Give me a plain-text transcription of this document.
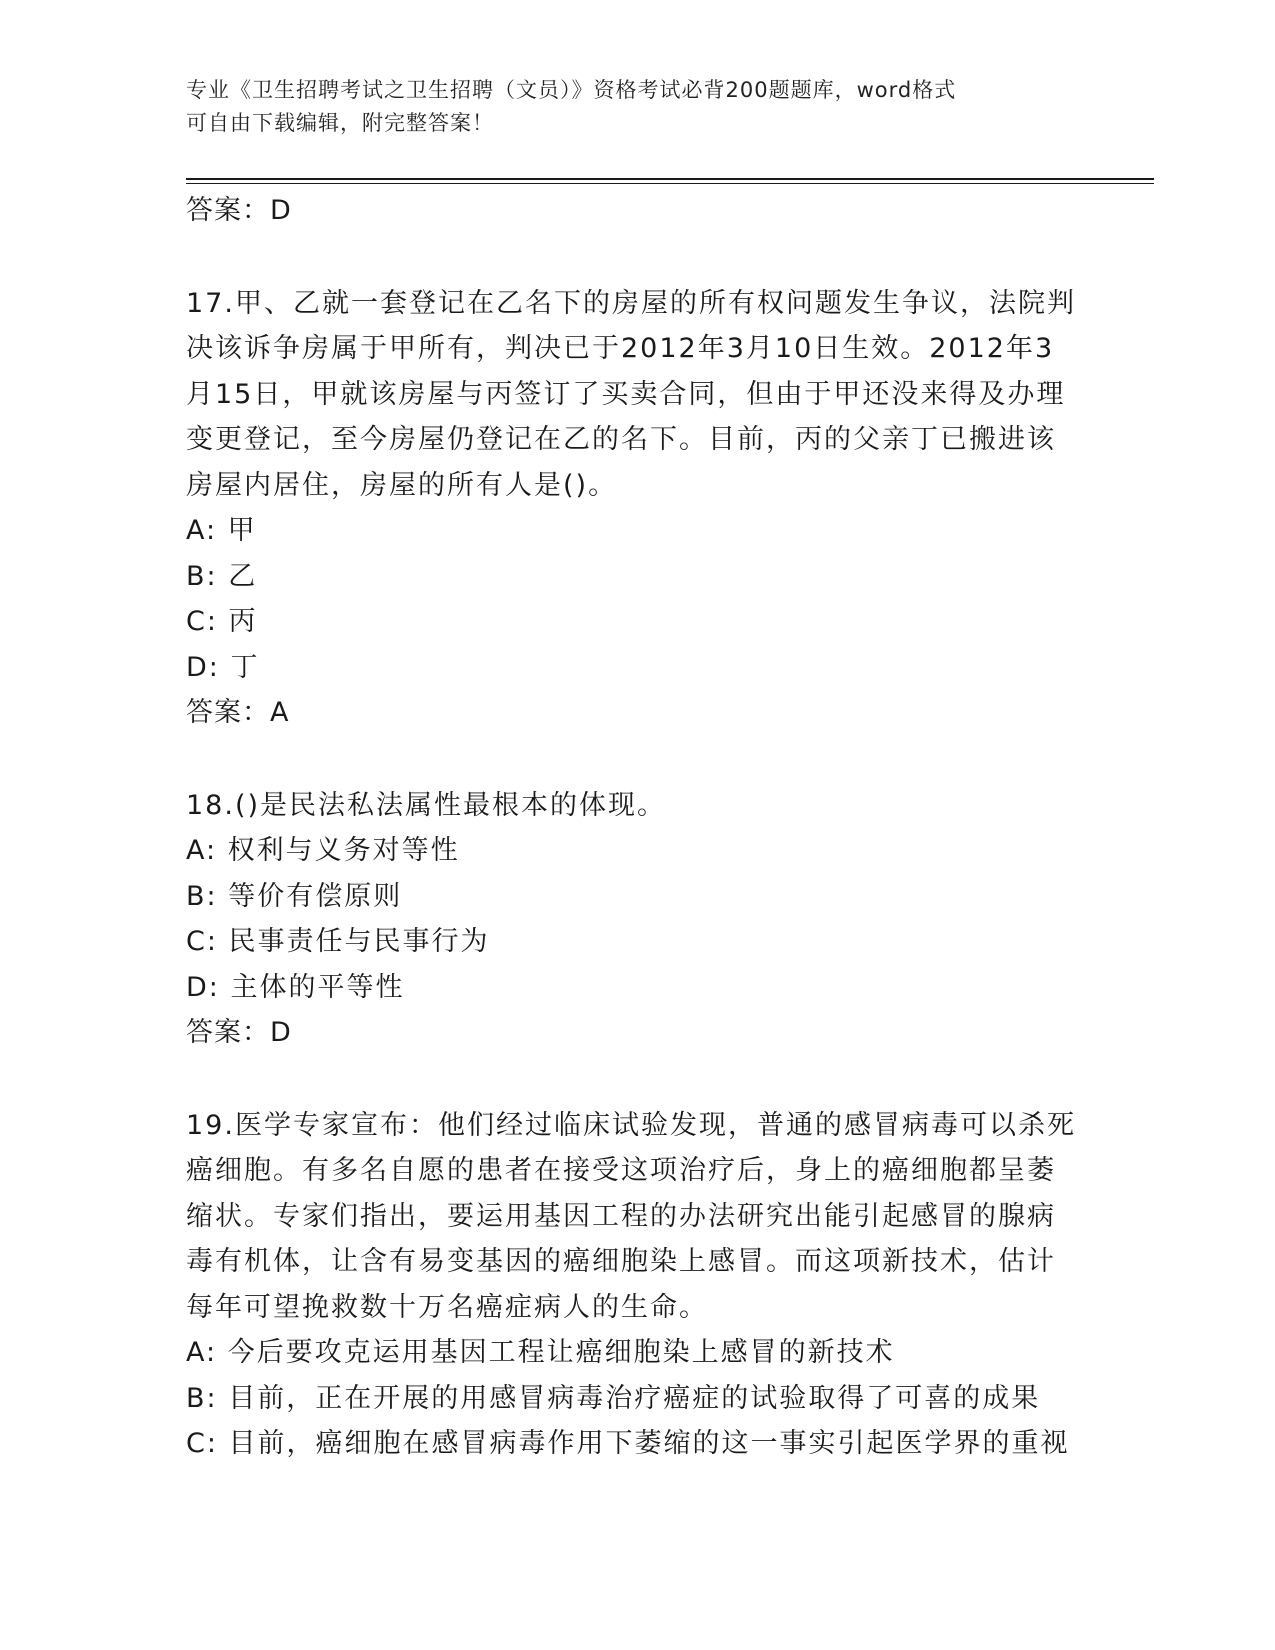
专业《卫生招聘考试之卫生招聘（文员）》资格考试必背200题题库，word格式
可自由下载编辑，附完整答案！
答案：D
17.甲、乙就一套登记在乙名下的房屋的所有权问题发生争议，法院判
决该诉争房属于甲所有，判决已于2012年3月10日生效。2012年3
月15日，甲就该房屋与丙签订了买卖合同，但由于甲还没来得及办理
变更登记，至今房屋仍登记在乙的名下。目前，丙的父亲丁已搬进该
房屋内居住，房屋的所有人是()。
A: 甲
B: 乙
C: 丙
D: 丁
答案：A
18.()是民法私法属性最根本的体现。
A: 权利与义务对等性
B: 等价有偿原则
C: 民事责任与民事行为
D: 主体的平等性
答案：D
19.医学专家宣布：他们经过临床试验发现，普通的感冒病毒可以杀死
癌细胞。有多名自愿的患者在接受这项治疗后，身上的癌细胞都呈萎
缩状。专家们指出，要运用基因工程的办法研究出能引起感冒的腺病
毒有机体，让含有易变基因的癌细胞染上感冒。而这项新技术，估计
每年可望挽救数十万名癌症病人的生命。
A: 今后要攻克运用基因工程让癌细胞染上感冒的新技术
B: 目前，正在开展的用感冒病毒治疗癌症的试验取得了可喜的成果
C: 目前，癌细胞在感冒病毒作用下萎缩的这一事实引起医学界的重视
